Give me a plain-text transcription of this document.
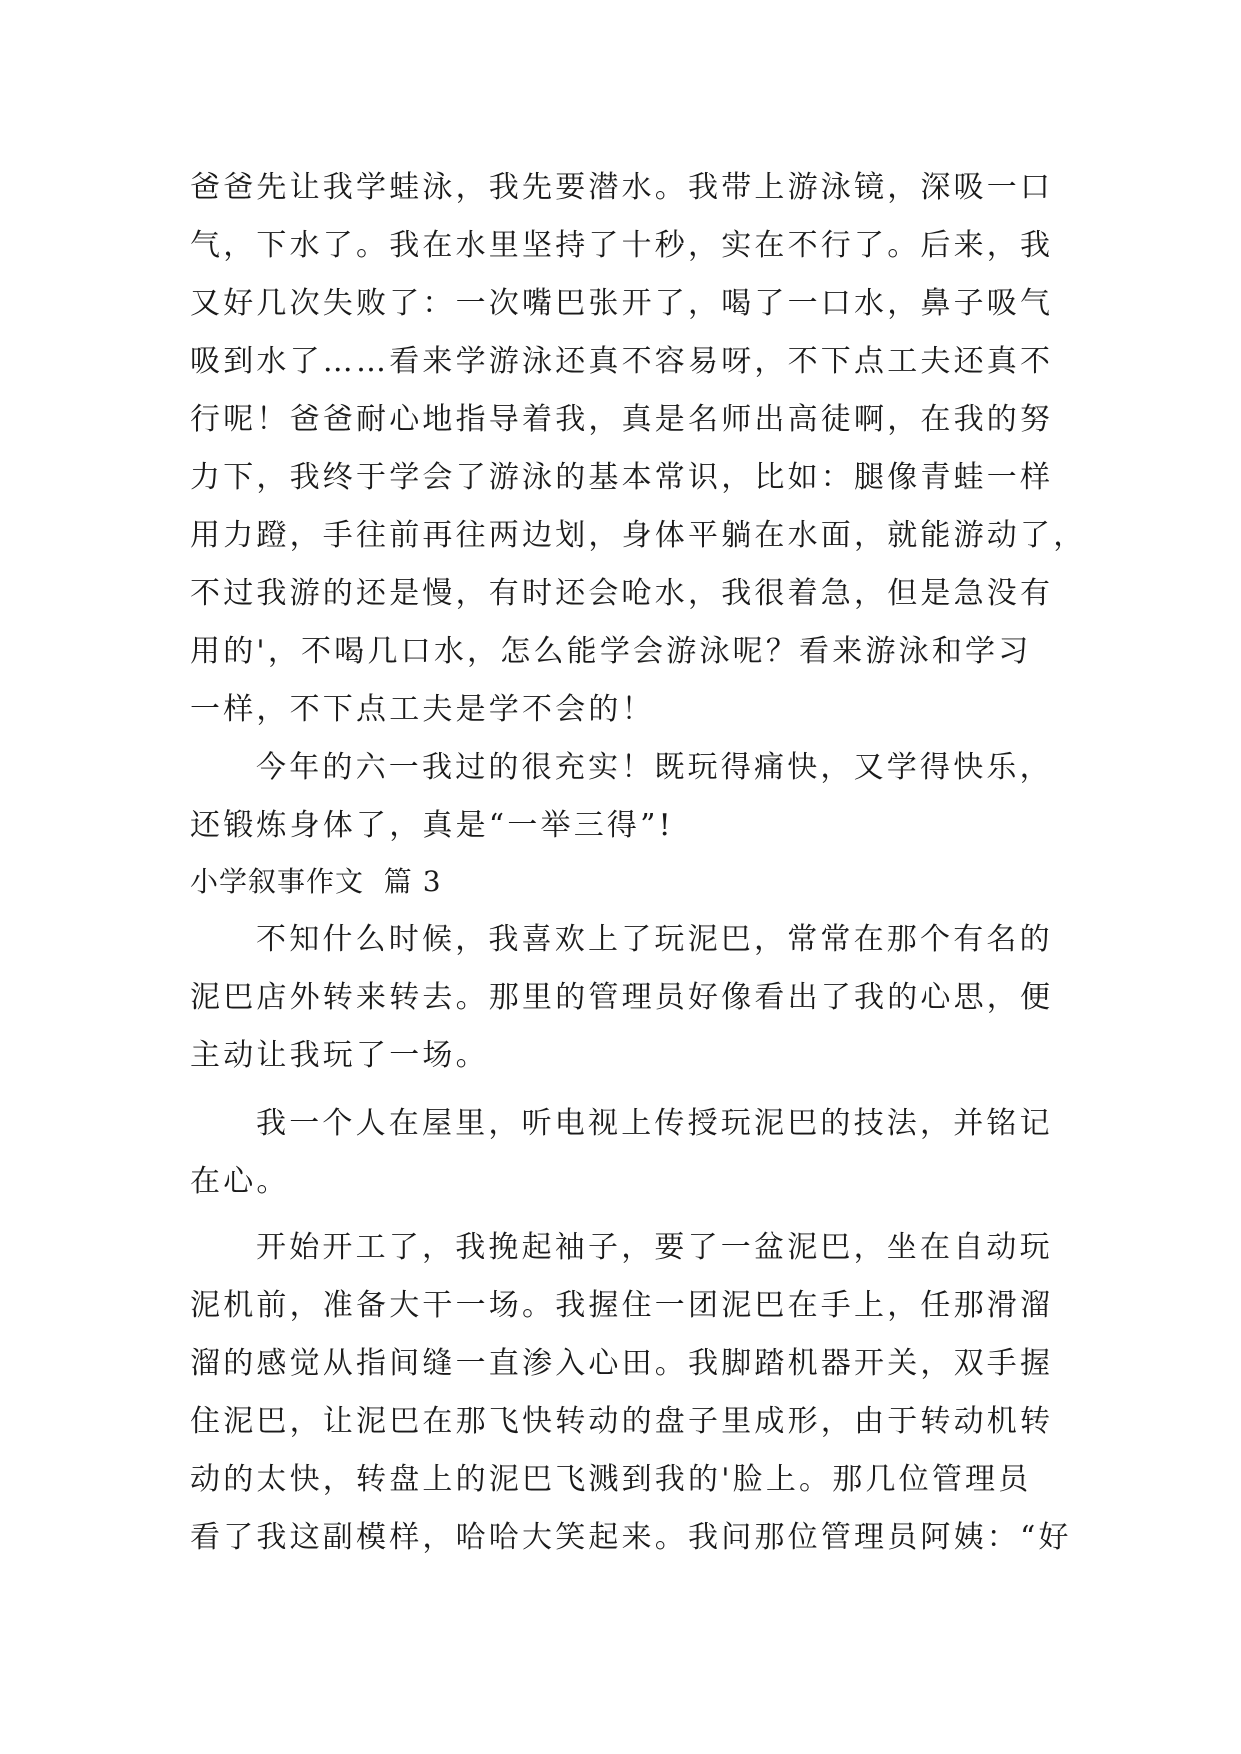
爸爸先让我学蛙泳，我先要潜水。我带上游泳镜，深吸一口
气，下水了。我在水里坚持了十秒，实在不行了。后来，我
又好几次失败了：一次嘴巴张开了，喝了一口水，鼻子吸气
吸到水了……看来学游泳还真不容易呀，不下点工夫还真不
行呢！爸爸耐心地指导着我，真是名师出高徒啊，在我的努
力下，我终于学会了游泳的基本常识，比如：腿像青蛙一样
用力蹬，手往前再往两边划，身体平躺在水面，就能游动了，
不过我游的还是慢，有时还会呛水，我很着急，但是急没有
用的'，不喝几口水，怎么能学会游泳呢？看来游泳和学习
一样，不下点工夫是学不会的！
今年的六一我过的很充实！既玩得痛快，又学得快乐，
还锻炼身体了，真是“一举三得”!
小学叙事作文  篇 3
不知什么时候，我喜欢上了玩泥巴，常常在那个有名的
泥巴店外转来转去。那里的管理员好像看出了我的心思，便
主动让我玩了一场。
我一个人在屋里，听电视上传授玩泥巴的技法，并铭记
在心。
开始开工了，我挽起袖子，要了一盆泥巴，坐在自动玩
泥机前，准备大干一场。我握住一团泥巴在手上，任那滑溜
溜的感觉从指间缝一直渗入心田。我脚踏机器开关，双手握
住泥巴，让泥巴在那飞快转动的盘子里成形，由于转动机转
动的太快，转盘上的泥巴飞溅到我的'脸上。那几位管理员
看了我这副模样，哈哈大笑起来。我问那位管理员阿姨：“好
